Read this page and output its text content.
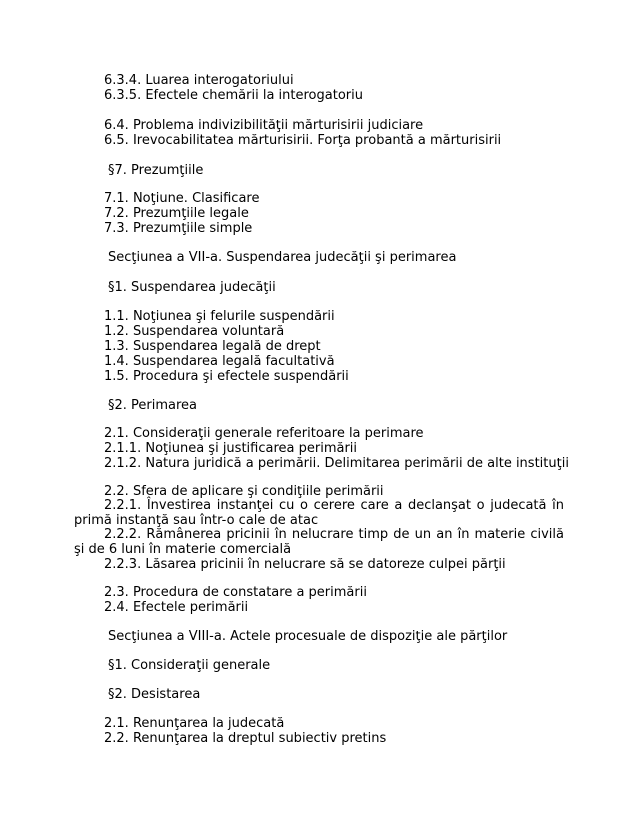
6.3.4. Luarea interogatoriului
6.3.5. Efectele chemării la interogatoriu
6.4. Problema indivizibilităţii mărturisirii judiciare
6.5. Irevocabilitatea mărturisirii. Forţa probantă a mărturisirii
§7. Prezumţiile
7.1. Noţiune. Clasificare
7.2. Prezumţiile legale
7.3. Prezumţiile simple
Secţiunea a VII-a. Suspendarea judecăţii şi perimarea
§1. Suspendarea judecăţii
1.1. Noţiunea şi felurile suspendării
1.2. Suspendarea voluntară
1.3. Suspendarea legală de drept
1.4. Suspendarea legală facultativă
1.5. Procedura şi efectele suspendării
§2. Perimarea
2.1. Consideraţii generale referitoare la perimare
2.1.1. Noţiunea şi justificarea perimării
2.1.2. Natura juridică a perimării. Delimitarea perimării de alte instituţii
2.2. Sfera de aplicare şi condiţiile perimării
2.2.1. Învestirea instanţei cu o cerere care a declanşat o judecată în primă instanţă sau într-o cale de atac
2.2.2. Rămânerea pricinii în nelucrare timp de un an în materie civilă şi de 6 luni în materie comercială
2.2.3. Lăsarea pricinii în nelucrare să se datoreze culpei părţii
2.3. Procedura de constatare a perimării
2.4. Efectele perimării
Secţiunea a VIII-a. Actele procesuale de dispoziţie ale părţilor
§1. Consideraţii generale
§2. Desistarea
2.1. Renunţarea la judecată
2.2. Renunţarea la dreptul subiectiv pretins
